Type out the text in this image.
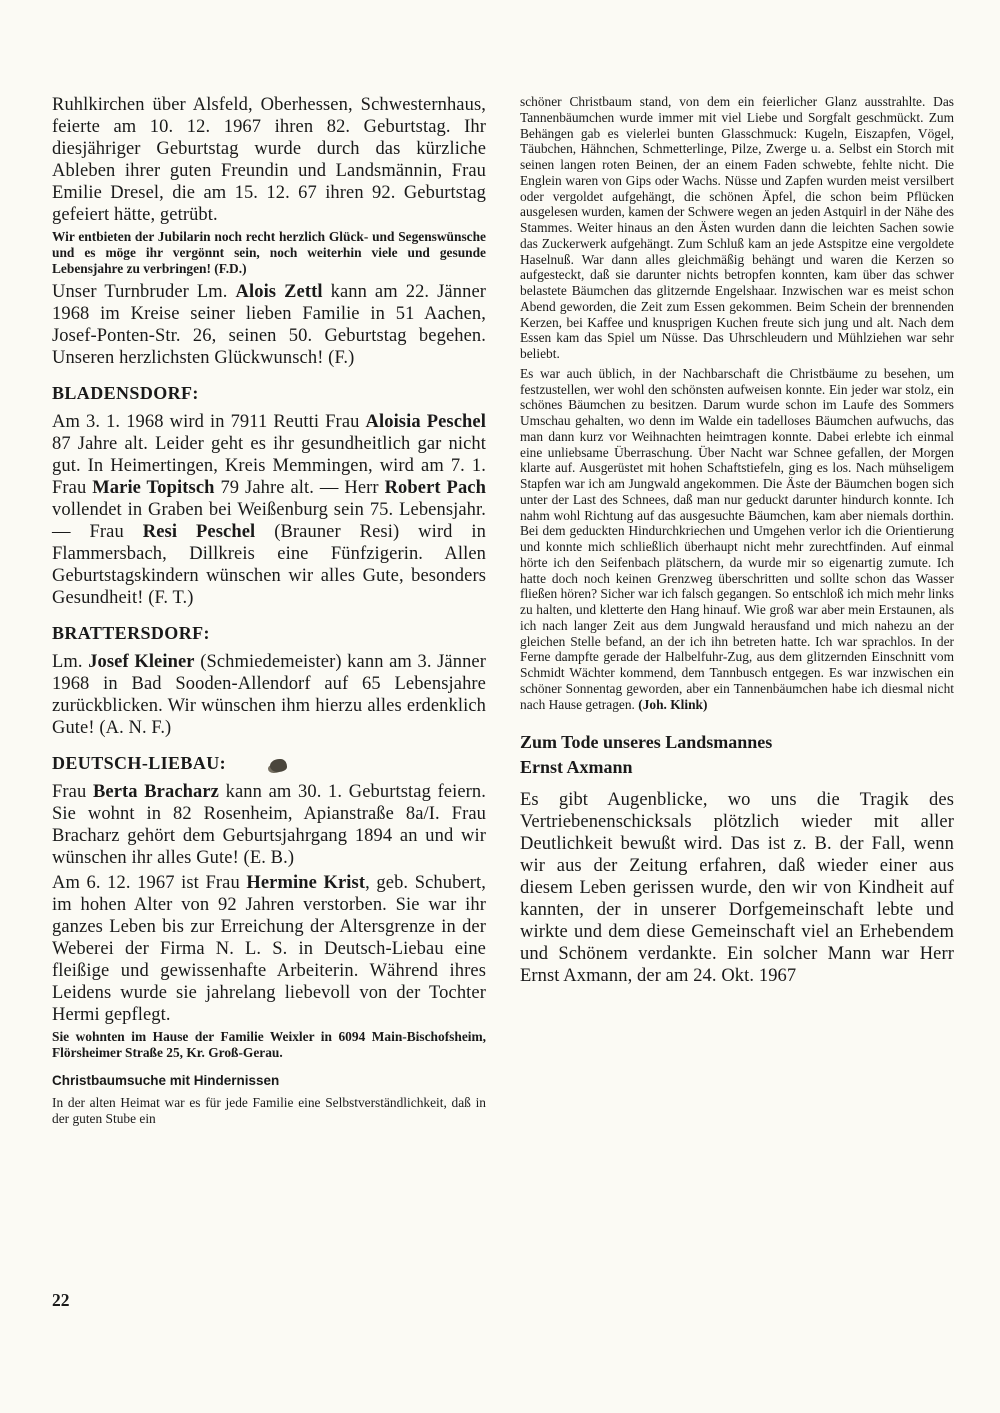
Ruhlkirchen über Alsfeld, Oberhessen, Schwesternhaus, feierte am 10. 12. 1967 ihren 82. Geburtstag. Ihr diesjähriger Geburtstag wurde durch das kürzliche Ableben ihrer guten Freundin und Landsmännin, Frau Emilie Dresel, die am 15. 12. 67 ihren 92. Geburtstag gefeiert hätte, getrübt.

Wir entbieten der Jubilarin noch recht herzlich Glück- und Segenswünsche und es möge ihr vergönnt sein, noch weiterhin viele und gesunde Lebensjahre zu verbringen! (F.D.)

Unser Turnbruder Lm. Alois Zettl kann am 22. Jänner 1968 im Kreise seiner lieben Familie in 51 Aachen, Josef-Ponten-Str. 26, seinen 50. Geburtstag begehen. Unseren herzlichsten Glückwunsch! (F.)

BLADENSDORF:

Am 3. 1. 1968 wird in 7911 Reutti Frau Aloisia Peschel 87 Jahre alt. Leider geht es ihr gesundheitlich gar nicht gut. In Heimertingen, Kreis Memmingen, wird am 7. 1. Frau Marie Topitsch 79 Jahre alt. — Herr Robert Pach vollendet in Graben bei Weißenburg sein 75. Lebensjahr. — Frau Resi Peschel (Brauner Resi) wird in Flammersbach, Dillkreis eine Fünfzigerin. Allen Geburtstagskindern wünschen wir alles Gute, besonders Gesundheit! (F. T.)

BRATTERSDORF:

Lm. Josef Kleiner (Schmiedemeister) kann am 3. Jänner 1968 in Bad Sooden-Allendorf auf 65 Lebensjahre zurückblicken. Wir wünschen ihm hierzu alles erdenklich Gute! (A. N. F.)

DEUTSCH-LIEBAU:

Frau Berta Bracharz kann am 30. 1. Geburtstag feiern. Sie wohnt in 82 Rosenheim, Apianstraße 8a/I. Frau Bracharz gehört dem Geburtsjahrgang 1894 an und wir wünschen ihr alles Gute! (E. B.)

Am 6. 12. 1967 ist Frau Hermine Krist, geb. Schubert, im hohen Alter von 92 Jahren verstorben. Sie war ihr ganzes Leben bis zur Erreichung der Altersgrenze in der Weberei der Firma N. L. S. in Deutsch-Liebau eine fleißige und gewissenhafte Arbeiterin. Während ihres Leidens wurde sie jahrelang liebevoll von der Tochter Hermi gepflegt.

Sie wohnten im Hause der Familie Weixler in 6094 Main-Bischofsheim, Flörsheimer Straße 25, Kr. Groß-Gerau.

Christbaumsuche mit Hindernissen

In der alten Heimat war es für jede Familie eine Selbstverständlichkeit, daß in der guten Stube ein

schöner Christbaum stand, von dem ein feierlicher Glanz ausstrahlte. Das Tannenbäumchen wurde immer mit viel Liebe und Sorgfalt geschmückt. Zum Behängen gab es vielerlei bunten Glasschmuck: Kugeln, Eiszapfen, Vögel, Täubchen, Hähnchen, Schmetterlinge, Pilze, Zwerge u. a. Selbst ein Storch mit seinen langen roten Beinen, der an einem Faden schwebte, fehlte nicht. Die Englein waren von Gips oder Wachs. Nüsse und Zapfen wurden meist versilbert oder vergoldet aufgehängt, die schönen Äpfel, die schon beim Pflücken ausgelesen wurden, kamen der Schwere wegen an jeden Astquirl in der Nähe des Stammes. Weiter hinaus an den Ästen wurden dann die leichten Sachen sowie das Zuckerwerk aufgehängt. Zum Schluß kam an jede Astspitze eine vergoldete Haselnuß. War dann alles gleichmäßig behängt und waren die Kerzen so aufgesteckt, daß sie darunter nichts betropfen konnten, kam über das schwer belastete Bäumchen das glitzernde Engelshaar. Inzwischen war es meist schon Abend geworden, die Zeit zum Essen gekommen. Beim Schein der brennenden Kerzen, bei Kaffee und knusprigen Kuchen freute sich jung und alt. Nach dem Essen kam das Spiel um Nüsse. Das Uhrschleudern und Mühlziehen war sehr beliebt.

Es war auch üblich, in der Nachbarschaft die Christbäume zu besehen, um festzustellen, wer wohl den schönsten aufweisen konnte. Ein jeder war stolz, ein schönes Bäumchen zu besitzen. Darum wurde schon im Laufe des Sommers Umschau gehalten, wo denn im Walde ein tadelloses Bäumchen aufwuchs, das man dann kurz vor Weihnachten heimtragen konnte. Dabei erlebte ich einmal eine unliebsame Überraschung. Über Nacht war Schnee gefallen, der Morgen klarte auf. Ausgerüstet mit hohen Schaftstiefeln, ging es los. Nach mühseligem Stapfen war ich am Jungwald angekommen. Die Äste der Bäumchen bogen sich unter der Last des Schnees, daß man nur geduckt darunter hindurch konnte. Ich nahm wohl Richtung auf das ausgesuchte Bäumchen, kam aber niemals dorthin. Bei dem geduckten Hindurchkriechen und Umgehen verlor ich die Orientierung und konnte mich schließlich überhaupt nicht mehr zurechtfinden. Auf einmal hörte ich den Seifenbach plätschern, da wurde mir so eigenartig zumute. Ich hatte doch noch keinen Grenzweg überschritten und sollte schon das Wasser fließen hören? Sicher war ich falsch gegangen. So entschloß ich mich mehr links zu halten, und kletterte den Hang hinauf. Wie groß war aber mein Erstaunen, als ich nach langer Zeit aus dem Jungwald herausfand und mich nahezu an der gleichen Stelle befand, an der ich ihn betreten hatte. Ich war sprachlos. In der Ferne dampfte gerade der Halbelfuhr-Zug, aus dem glitzernden Einschnitt vom Schmidt Wächter kommend, dem Tannbusch entgegen. Es war inzwischen ein schöner Sonnentag geworden, aber ein Tannenbäumchen habe ich diesmal nicht nach Hause getragen. (Joh. Klink)

Zum Tode unseres Landsmannes
Ernst Axmann

Es gibt Augenblicke, wo uns die Tragik des Vertriebenenschicksals plötzlich wieder mit aller Deutlichkeit bewußt wird. Das ist z. B. der Fall, wenn wir aus der Zeitung erfahren, daß wieder einer aus diesem Leben gerissen wurde, den wir von Kindheit auf kannten, der in unserer Dorfgemeinschaft lebte und wirkte und dem diese Gemeinschaft viel an Erhebendem und Schönem verdankte. Ein solcher Mann war Herr Ernst Axmann, der am 24. Okt. 1967

22
